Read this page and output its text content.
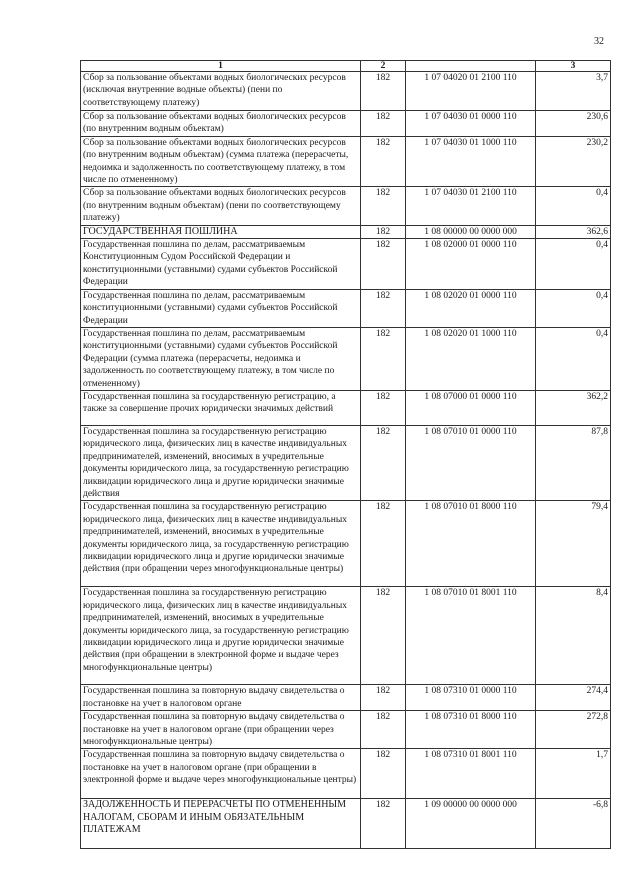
32
1	2		3
Сбор за пользование объектами водных биологических ресурсов (исключая внутренние водные объекты) (пени по соответствующему платежу)	182	1 07 04020 01 2100 110	3,7
Сбор за пользование объектами водных биологических ресурсов (по внутренним водным объектам)	182	1 07 04030 01 0000 110	230,6
Сбор за пользование объектами водных биологических ресурсов (по внутренним водным объектам) (сумма платежа (перерасчеты, недоимка и задолженность по соответствующему платежу, в том числе по отмененному)	182	1 07 04030 01 1000 110	230,2
Сбор за пользование объектами водных биологических ресурсов (по внутренним водным объектам) (пени по соответствующему платежу)	182	1 07 04030 01 2100 110	0,4
ГОСУДАРСТВЕННАЯ ПОШЛИНА	182	1 08 00000 00 0000 000	362,6
Государственная пошлина по делам, рассматриваемым Конституционным Судом Российской Федерации и конституционными (уставными) судами субъектов Российской Федерации	182	1 08 02000 01 0000 110	0,4
Государственная пошлина по делам, рассматриваемым конституционными (уставными) судами субъектов Российской Федерации	182	1 08 02020 01 0000 110	0,4
Государственная пошлина по делам, рассматриваемым конституционными (уставными) судами субъектов Российской Федерации (сумма платежа (перерасчеты, недоимка и задолженность по соответствующему платежу, в том числе по отмененному)	182	1 08 02020 01 1000 110	0,4
Государственная пошлина за государственную регистрацию, а также за совершение прочих юридически значимых действий	182	1 08 07000 01 0000 110	362,2
Государственная пошлина за государственную регистрацию юридического лица, физических лиц в качестве индивидуальных предпринимателей, изменений, вносимых в учредительные документы юридического лица, за государственную регистрацию ликвидации юридического лица и другие юридически значимые действия	182	1 08 07010 01 0000 110	87,8
Государственная пошлина за государственную регистрацию юридического лица, физических лиц в качестве индивидуальных предпринимателей, изменений, вносимых в учредительные документы юридического лица, за государственную регистрацию ликвидации юридического лица и другие юридически значимые действия (при обращении через многофункциональные центры)	182	1 08 07010 01 8000 110	79,4
Государственная пошлина за государственную регистрацию юридического лица, физических лиц в качестве индивидуальных предпринимателей, изменений, вносимых в учредительные документы юридического лица, за государственную регистрацию ликвидации юридического лица и другие юридически значимые действия (при обращении в электронной форме и выдаче через многофункциональные центры)	182	1 08 07010 01 8001 110	8,4
Государственная пошлина за повторную выдачу свидетельства о постановке на учет в налоговом органе	182	1 08 07310 01 0000 110	274,4
Государственная пошлина за повторную выдачу свидетельства о постановке на учет в налоговом органе (при обращении через многофункциональные центры)	182	1 08 07310 01 8000 110	272,8
Государственная пошлина за повторную выдачу свидетельства о постановке на учет в налоговом органе (при обращении в электронной форме и выдаче через многофункциональные центры)	182	1 08 07310 01 8001 110	1,7
ЗАДОЛЖЕННОСТЬ И ПЕРЕРАСЧЕТЫ ПО ОТМЕНЕННЫМ НАЛОГАМ, СБОРАМ И ИНЫМ ОБЯЗАТЕЛЬНЫМ ПЛАТЕЖАМ	182	1 09 00000 00 0000 000	-6,8
